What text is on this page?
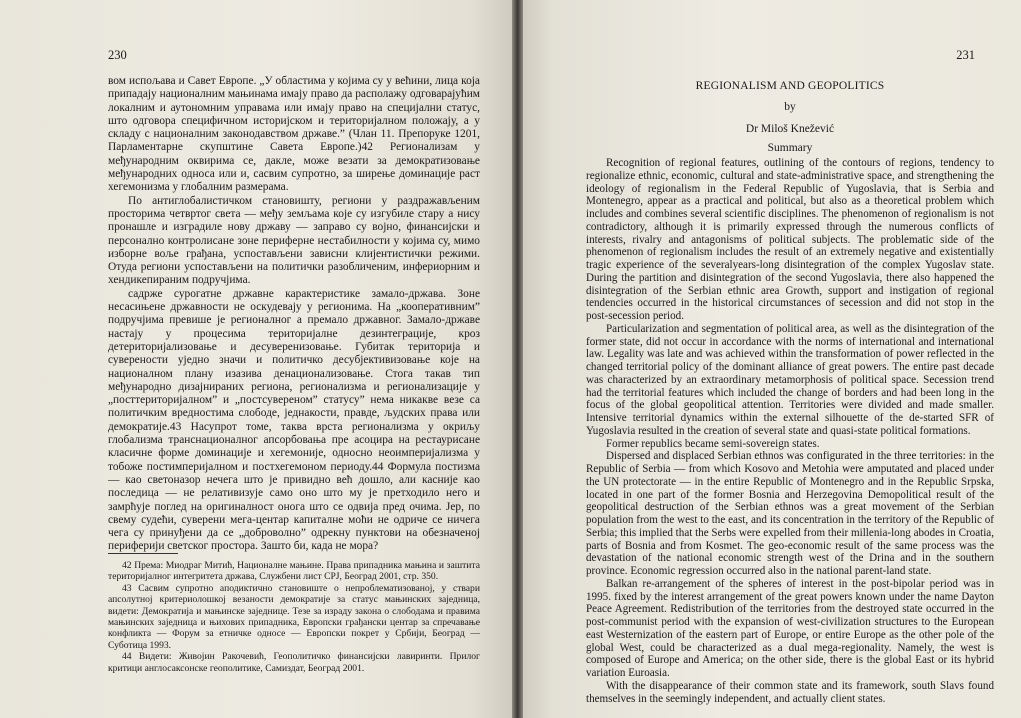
230

вом испољава и Савет Европе. „У областима у којима су у већини, лица која припадају националним мањинама имају право да располажу одговарајућим локалним и аутономним управама или имају право на специјални статус, што одговора специфичном историјском и територијалном положају, а у складу с националним законодавством државе.” (Члан 11. Препоруке 1201, Парламентарне скупштине Савета Европе.)42 Регионализам у међународним оквирима се, дакле, може везати за демократизовање међународних односа или и, сасвим супротно, за ширење доминације раст хегемонизма у глобалним размерама.

По антиглобалистичком становишту, региони у раздражављеним просторима четвртог света — међу земљама које су изгубиле стару а нису пронашле и изградиле нову државу — заправо су војно, финансијски и персонално контролисане зоне периферне нестабилности у којима су, мимо изборне воље грађана, успостављени зависни клијентистички режими. Отуда региони успостављени на политички разобличеним, инфериорним и хендикепираним подручјима.

садрже сурогатне државне карактеристике замало-држава. Зоне несасињене државности не оскудевају у регионима. На „кооперативним” подручјима превише је регионалног а премало државног. Замало-државе настају у процесима територијалне дезинтеграције, кроз детериторијализовање и десуверенизовање. Губитак територија и суверености уједно значи и политичко десубјективизовање које на националном плану изазива денационализовање. Стога такав тип међународно дизајнираних региона, регионализма и регионализације у „посттериторијалном” и „постсуверeном” статусу” нема никакве везе са политичким вредностима слободе, једнакости, правде, људских права или демократије.43 Насупрот томе, таква врста регионализма у окриљу глобализма транснационалног апсорбовања пре асоцира на рестаурисане класичне форме доминације и хегемоније, односно неоимперијализма у тобоже постимперијалном и постхегемоном периоду.44 Формула постизма — као светоназор нечега што је привидно већ дошло, али касније као последица — не релативизује само оно што му је претходило него и замрћује поглед на оригиналност онога што се одвија пред очима. Јер, по свему судећи, суверени мега-центар капиталне моћи не одриче се ничега чега су принуђени да се „доброволно” одрекну пунктови на обезначеној периферији светског простора. Зашто би, када не мора?

42 Према: Миодраг Митић, Националне мањине. Права припадника мањина и заштита територијалног интегритета држава, Службени лист СРЈ, Београд 2001, стр. 350.

43 Сасвим супротно аподиктично становиште о непроблематизованој, у ствари апсолутној критериолошкој везаности демократије за статус мањинских заједница, видети: Демократија и мањинске заједнице. Тезе за израду закона о слободама и правима мањинских заједница и њихових припадника, Европски грађански центар за спречавање конфликта — Форум за етничке односе — Европски покрет у Србији, Београд — Суботица 1993.

44 Видети: Живојин Ракочевић, Геополитичко финансијски лавиринти. Прилог критици англосаксонске геополитике, Самиздат, Београд 2001.

231
REGIONALISM AND GEOPOLITICS
by
Dr Miloš Knežević
Summary

Recognition of regional features, outlining of the contours of regions, tendency to regionalize ethnic, economic, cultural and state-administrative space, and strengthening the ideology of regionalism in the Federal Republic of Yugoslavia, that is Serbia and Montenegro, appear as a practical and political, but also as a theoretical problem which includes and combines several scientific disciplines. The phenomenon of regionalism is not contradictory, although it is primarily expressed through the numerous conflicts of interests, rivalry and antagonisms of political subjects. The problematic side of the phenomenon of regionalism includes the result of an extremely negative and existentially tragic experience of the severalyears-long disintegration of the complex Yugoslav state. During the partition and disintegration of the second Yugoslavia, there also happened the disintegration of the Serbian ethnic area Growth, support and instigation of regional tendencies occurred in the historical circumstances of secession and did not stop in the post-secession period.

Particularization and segmentation of political area, as well as the disintegration of the former state, did not occur in accordance with the norms of international and international law. Legality was late and was achieved within the transformation of power reflected in the changed territorial policy of the dominant alliance of great powers. The entire past decade was characterized by an extraordinary metamorphosis of political space. Secession trend had the territorial features which included the change of borders and had been long in the focus of the global geopolitical attention. Territories were divided and made smaller. Intensive territorial dynamics within the external silhouette of the de-started SFR of Yugoslavia resulted in the creation of several state and quasi-state political formations.

Former republics became semi-sovereign states.

Dispersed and displaced Serbian ethnos was configurated in the three territories: in the Republic of Serbia — from which Kosovo and Metohia were amputated and placed under the UN protectorate — in the entire Republic of Montenegro and in the Republic Srpska, located in one part of the former Bosnia and Herzegovina Demopolitical result of the geopolitical destruction of the Serbian ethnos was a great movement of the Serbian population from the west to the east, and its concentration in the territory of the Republic of Serbia; this implied that the Serbs were expelled from their millenia-long abodes in Croatia, parts of Bosnia and from Kosmet. The geo-economic result of the same process was the devastation of the national economic strength west of the Drina and in the southern province. Economic regression occurred also in the national parent-land state.

Balkan re-arrangement of the spheres of interest in the post-bipolar period was in 1995. fixed by the interest arrangement of the great powers known under the name Dayton Peace Agreement. Redistribution of the territories from the destroyed state occurred in the post-communist period with the expansion of west-civilization structures to the European east Westernization of the eastern part of Europe, or entire Europe as the other pole of the global West, could be characterized as a dual mega-regionality. Namely, the west is composed of Europe and America; on the other side, there is the global East or its hybrid variation Euroasia.

With the disappearance of their common state and its framework, south Slavs found themselves in the seemingly independent, and actually client states.
